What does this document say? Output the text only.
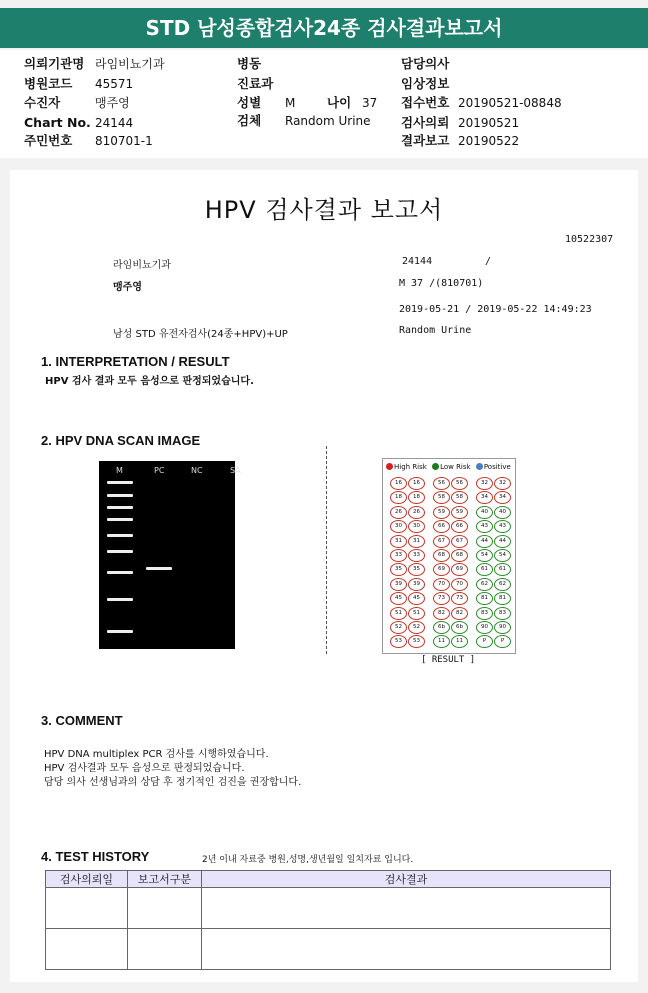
STD 남성종합검사24종 검사결과보고서
의뢰기관명 라임비뇨기과
병원코드 45571
수진자	맹주영
Chart No. 24144
주민번호 810701-1
병동
진료과
성별 M	나이 37
검체 Random Urine
담당의사
임상정보
접수번호 20190521-08848
검사의뢰 20190521
결과보고 20190522
HPV 검사결과 보고서
10522307
라임비뇨기과	24144	/
맹주영	M 37 /(810701)
2019-05-21 / 2019-05-22 14:49:23
남성 STD 유전자검사(24종+HPV)+UP	Random Urine
1. INTERPRETATION / RESULT
HPV 검사 결과 모두 음성으로 판정되었습니다.
2. HPV DNA SCAN IMAGE
M	PC	NC	SA	High Risk Low Risk Positive
16	16	56	56	32	32
18	18	58	58	34	34
26	26	59	59	40	40
30	30	66	66	43	43
31	31	67	67	44	44
33	33	68	68	54	54
35	35	69	69	61	61
39	39	70	70	62	62
45	45	73	73	81	81
51	51	82	82	83	83
52	52	6b	6b	90	90
53	53	11	11	P	P
[ RESULT ]
3. COMMENT
HPV DNA multiplex PCR 검사를 시행하였습니다.
HPV 검사결과 모두 음성으로 판정되었습니다.
담당 의사 선생님과의 상담 후 정기적인 검진을 권장합니다.
4. TEST HISTORY	2년 이내 자료중 병원,성명,생년월일 일치자료 입니다.
검사의뢰일	보고서구분	검사결과
